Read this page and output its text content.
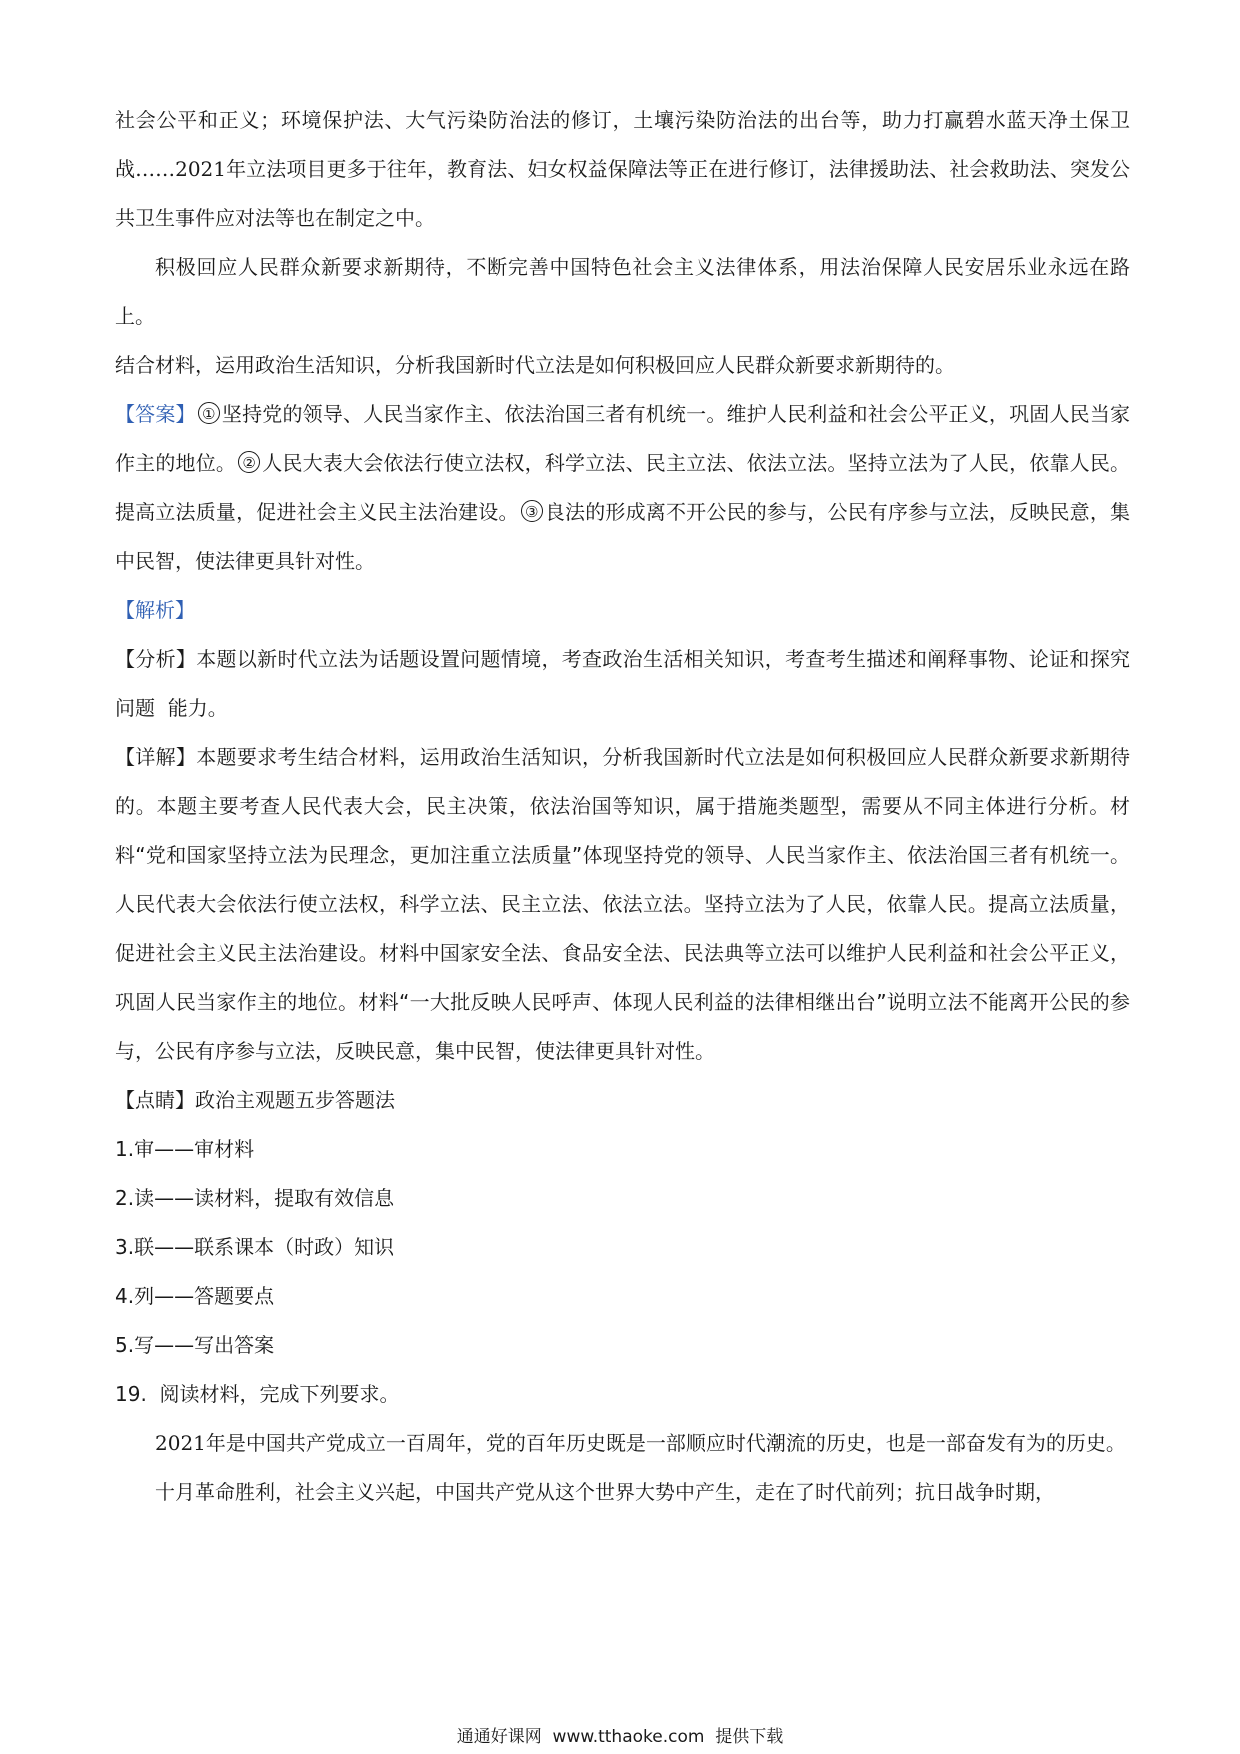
社会公平和正义；环境保护法、大气污染防治法的修订，土壤污染防治法的出台等，助力打赢碧水蓝天净土保卫战……2021年立法项目更多于往年，教育法、妇女权益保障法等正在进行修订，法律援助法、社会救助法、突发公共卫生事件应对法等也在制定之中。

积极回应人民群众新要求新期待，不断完善中国特色社会主义法律体系，用法治保障人民安居乐业永远在路上。

结合材料，运用政治生活知识，分析我国新时代立法是如何积极回应人民群众新要求新期待的。

【答案】 ① 坚持党的领导、人民当家作主、依法治国三者有机统一。维护人民利益和社会公平正义，巩固人民当家作主的地位。 ② 人民大表大会依法行使立法权，科学立法、民主立法、依法立法。坚持立法为了人民，依靠人民。提高立法质量，促进社会主义民主法治建设。 ③ 良法的形成离不开公民的参与，公民有序参与立法，反映民意，集中民智，使法律更具针对性。

【解析】

【分析】本题以新时代立法为话题设置问题情境，考查政治生活相关知识，考查考生描述和阐释事物、论证和探究问题  能力。

【详解】本题要求考生结合材料，运用政治生活知识，分析我国新时代立法是如何积极回应人民群众新要求新期待的。本题主要考查人民代表大会，民主决策，依法治国等知识，属于措施类题型，需要从不同主体进行分析。材料“党和国家坚持立法为民理念，更加注重立法质量”体现坚持党的领导、人民当家作主、依法治国三者有机统一。人民代表大会依法行使立法权，科学立法、民主立法、依法立法。坚持立法为了人民，依靠人民。提高立法质量，促进社会主义民主法治建设。材料中国家安全法、食品安全法、民法典等立法可以维护人民利益和社会公平正义，巩固人民当家作主的地位。材料“一大批反映人民呼声、体现人民利益的法律相继出台”说明立法不能离开公民的参与，公民有序参与立法，反映民意，集中民智，使法律更具针对性。

【点睛】政治主观题五步答题法

1.审——审材料

2.读——读材料，提取有效信息

3.联——联系课本（时政）知识

4.列——答题要点

5.写——写出答案

19.  阅读材料，完成下列要求。

2021年是中国共产党成立一百周年，党的百年历史既是一部顺应时代潮流的历史，也是一部奋发有为的历史。

十月革命胜利，社会主义兴起，中国共产党从这个世界大势中产生，走在了时代前列；抗日战争时期，

通通好课网  www.tthaoke.com  提供下载
